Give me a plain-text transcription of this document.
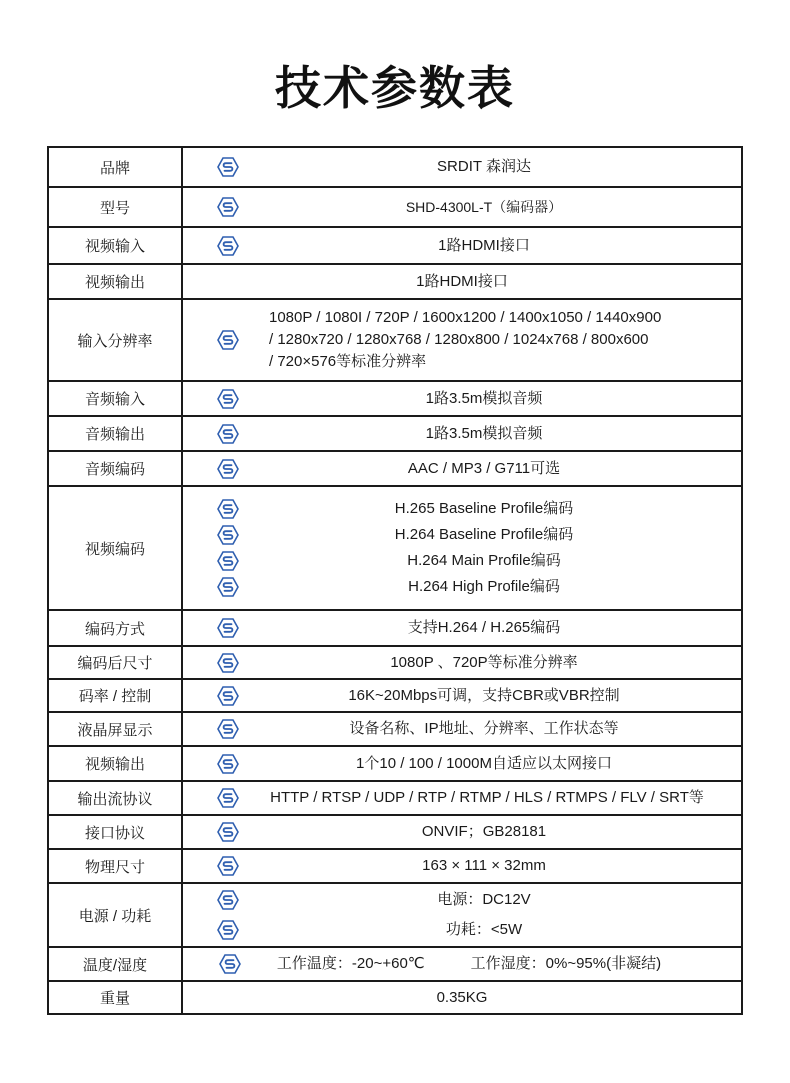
技术参数表
品牌	SRDIT 森润达

型号	SHD-4300L-T（编码器）

视频输入	1路HDMI接口

视频输出	1路HDMI接口

输入分辨率	1080P / 1080I / 720P / 1600x1200 / 1400x1050 / 1440x900
/ 1280x720 / 1280x768 / 1280x800 / 1024x768 / 800x600
/ 720×576等标准分辨率

音频输入	1路3.5m模拟音频

音频输出	1路3.5m模拟音频

音频编码	AAC / MP3 / G711可选

视频编码	H.265 Baseline Profile编码
H.264 Baseline Profile编码
H.264 Main Profile编码
H.264 High Profile编码

编码方式	支持H.264 / H.265编码

编码后尺寸	1080P 、720P等标准分辨率

码率 / 控制	16K~20Mbps可调，支持CBR或VBR控制

液晶屏显示	设备名称、IP地址、分辨率、工作状态等

视频输出	1个10 / 100 / 1000M自适应以太网接口

输出流协议	HTTP / RTSP / UDP / RTP / RTMP / HLS / RTMPS / FLV / SRT等

接口协议	ONVIF；GB28181

物理尺寸	163 × 111 × 32mm

电源 / 功耗	电源：DC12V
功耗：<5W

温度/湿度	工作温度：-20~+60℃ 工作湿度：0%~95%(非凝结)

重量	0.35KG
